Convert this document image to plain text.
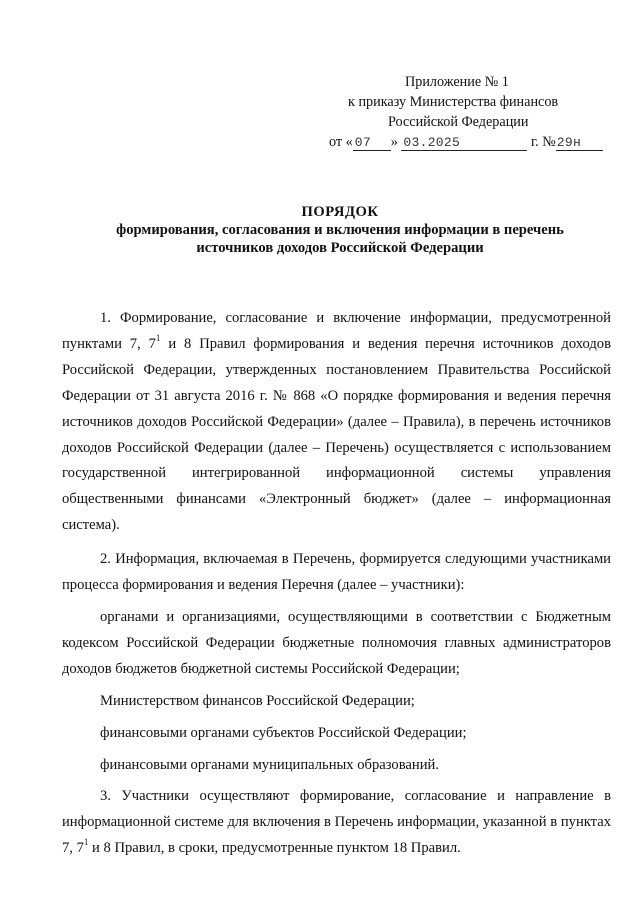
Приложение № 1
к приказу Министерства финансов
Российской Федерации
от « 07 » 03.2025	г. №29н
ПОРЯДОК
формирования, согласования и включения информации в перечень
источников доходов Российской Федерации

1. Формирование, согласование и включение информации, предусмотренной пунктами 7, $7^1$ и 8 Правил формирования и ведения перечня источников доходов Российской Федерации, утвержденных постановлением Правительства Российской Федерации от 31 августа 2016 г. № 868 «О порядке формирования и ведения перечня источников доходов Российской Федерации» (далее – Правила), в перечень источников доходов Российской Федерации (далее – Перечень) осуществляется с использованием государственной интегрированной информационной системы управления общественными финансами «Электронный бюджет» (далее – информационная система).

2. Информация, включаемая в Перечень, формируется следующими участниками процесса формирования и ведения Перечня (далее – участники):

органами и организациями, осуществляющими в соответствии с Бюджетным кодексом Российской Федерации бюджетные полномочия главных администраторов доходов бюджетов бюджетной системы Российской Федерации;

Министерством финансов Российской Федерации;

финансовыми органами субъектов Российской Федерации;

финансовыми органами муниципальных образований.

3. Участники осуществляют формирование, согласование и направление в информационной системе для включения в Перечень информации, указанной в пунктах 7, $7^1$ и 8 Правил, в сроки, предусмотренные пунктом 18 Правил.
